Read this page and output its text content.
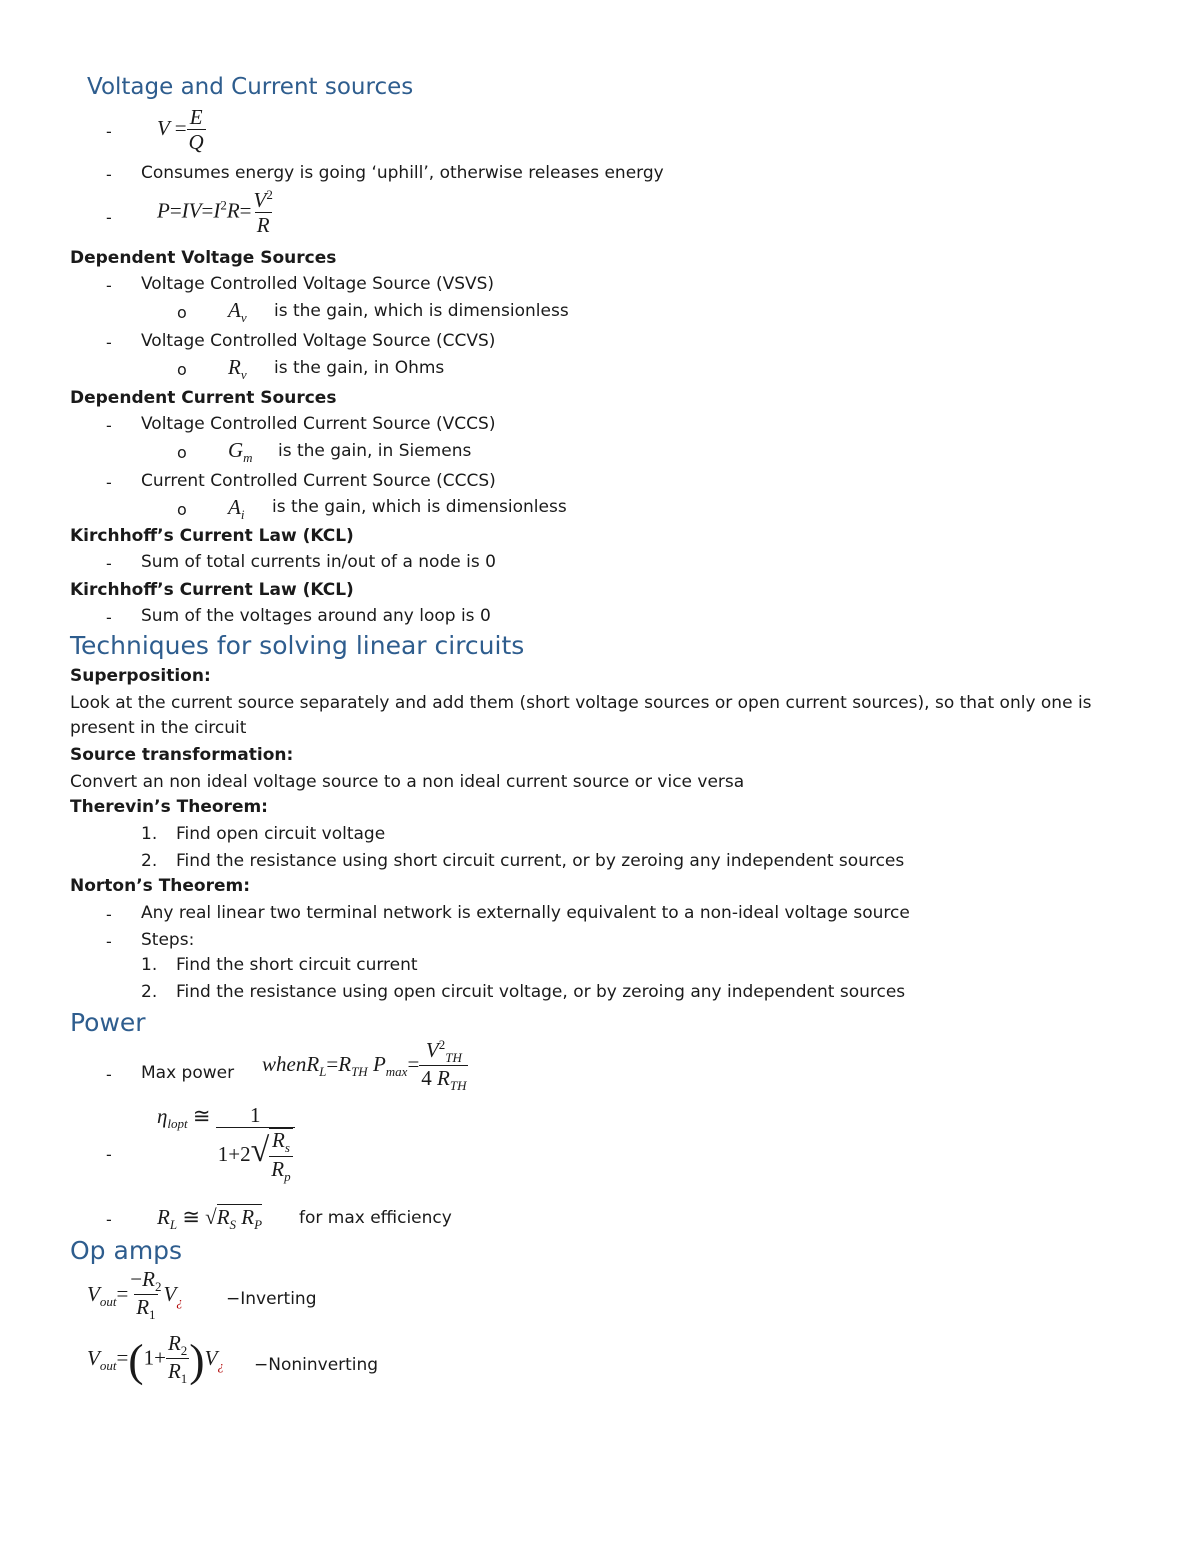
Voltage and Current sources
- $V = \frac{E}{Q}$
- Consumes energy is going ‘uphill’, otherwise releases energy
- $P=IV=I^2R= \frac{V^2}{R}$
Dependent Voltage Sources
- Voltage Controlled Voltage Source (VSVS)
o $A_v$ is the gain, which is dimensionless
- Voltage Controlled Voltage Source (CCVS)
o $R_v$ is the gain, in Ohms
Dependent Current Sources
- Voltage Controlled Current Source (VCCS)
o $G_m$ is the gain, in Siemens
- Current Controlled Current Source (CCCS)
o $A_i$ is the gain, which is dimensionless
Kirchhoff’s Current Law (KCL)
- Sum of total currents in/out of a node is 0
Kirchhoff’s Current Law (KCL)
- Sum of the voltages around any loop is 0
Techniques for solving linear circuits
Superposition:
Look at the current source separately and add them (short voltage sources or open current sources), so that only one is
present in the circuit
Source transformation:
Convert an non ideal voltage source to a non ideal current source or vice versa
Therevin’s Theorem:
1. Find open circuit voltage
2. Find the resistance using short circuit current, or by zeroing any independent sources
Norton’s Theorem:
- Any real linear two terminal network is externally equivalent to a non-ideal voltage source
- Steps:
1. Find the short circuit current
2. Find the resistance using open circuit voltage, or by zeroing any independent sources
Power
- Max power $whenR_L=R_{TH}$ $P_{max}= \frac{V^2_{TH}}{4 R_{TH}}$
-
$\eta_{lopt}$ ≅ $\frac{1}{1+2√ \frac{R_s}{R_p}}$
- $R_L$ ≅ $√R_S$ $R_P$ for max efficiency
Op amps
$V_{out}= \frac{-R_2}{R_1} V_¿$	−Inverting
$V_{out}=(1+ \frac{R_2}{R_1} )V_¿$ −Noninverting
